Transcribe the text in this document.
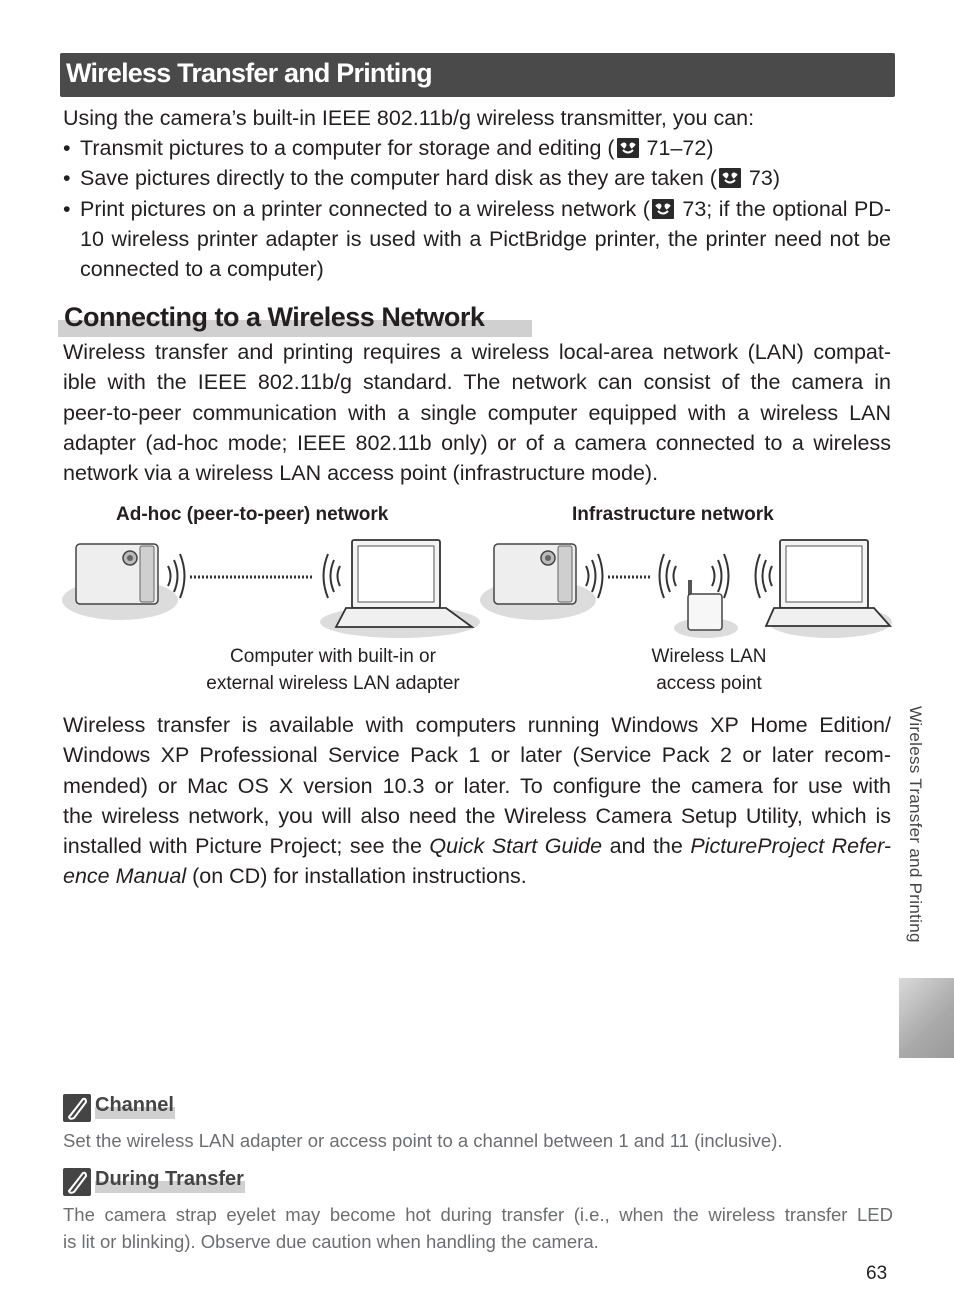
Wireless Transfer and Printing
Using the camera’s built-in IEEE 802.11b/g wireless transmitter, you can:
• Transmit pictures to a computer for storage and editing (
71–72)
• Save pictures directly to the computer hard disk as they are taken (
73)
• Print pictures on a printer connected to a wireless network (
73; if the optional PD-10 wireless printer adapter is used with a PictBridge printer, the printer need not be connected to a computer)
Connecting to a Wireless Network
Wireless transfer and printing requires a wireless local-area network (LAN) compat-
ible with the IEEE 802.11b/g standard. The network can consist of the camera in
peer-to-peer communication with a single computer equipped with a wireless LAN
adapter (ad-hoc mode; IEEE 802.11b only) or of a camera connected to a wireless
network via a wireless LAN access point (infrastructure mode).
Ad-hoc (peer-to-peer) network	Infrastructure network
Computer with built-in or
external wireless LAN adapter
Wireless LAN
access point
Wireless transfer is available with computers running Windows XP Home Edition/
Windows XP Professional Service Pack 1 or later (Service Pack 2 or later recom-
mended) or Mac OS X version 10.3 or later. To configure the camera for use with
the wireless network, you will also need the Wireless Camera Setup Utility, which is
installed with Picture Project; see the Quick Start Guide and the PictureProject Refer-
ence Manual (on CD) for installation instructions.	Wireless Transfer and Printing
Channel
Set the wireless LAN adapter or access point to a channel between 1 and 11 (inclusive).
During Transfer
The camera strap eyelet may become hot during transfer (i.e., when the wireless transfer LED
is lit or blinking). Observe due caution when handling the camera.
63
